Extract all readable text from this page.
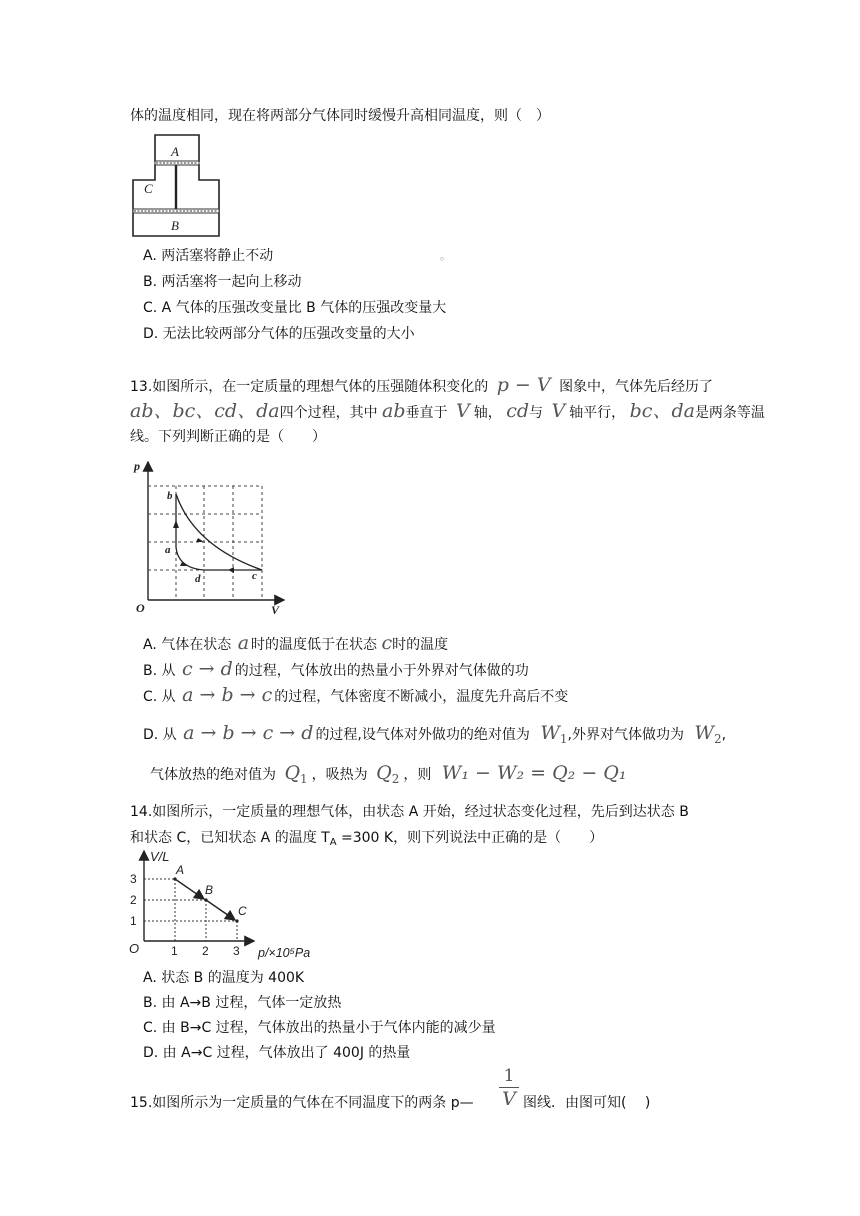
体的温度相同，现在将两部分气体同时缓慢升高相同温度，则（　）
A
C
B
A. 两活塞将静止不动	。
B. 两活塞将一起向上移动
C. A 气体的压强改变量比 B 气体的压强改变量大
D. 无法比较两部分气体的压强改变量的大小
13.如图所示，在一定质量的理想气体的压强随体积变化的 p − V 图象中，气体先后经历了
ab、bc、cd、da四个过程，其中 ab垂直于 V 轴， cd与 V 轴平行， bc、da是两条等温
线。下列判断正确的是（　　）
p
V
O
b
a
d	c
A. 气体在状态 a 时的温度低于在状态 c时的温度
B. 从 c → d 的过程，气体放出的热量小于外界对气体做的功
C. 从 a → b → c 的过程，气体密度不断减小，温度先升高后不变
D. 从 a → b → c → d 的过程,设气体对外做功的绝对值为 $W_1$,外界对气体做功为 $W_2$,
气体放热的绝对值为 $Q_1$ ，吸热为 $Q_2$ ，则 W₁ − W₂ = Q₂ − Q₁
14.如图所示，一定质量的理想气体，由状态 A 开始，经过状态变化过程，先后到达状态 B
和状态 C，已知状态 A 的温度 $T_A =300$ K，则下列说法中正确的是（　　）
V/L
3
2
1
O	1 2 3 p/×10⁵Pa
A
B
C
A. 状态 B 的温度为 400K
B. 由 A→B 过程，气体一定放热
C. 由 B→C 过程，气体放出的热量小于气体内能的减少量
D. 由 A→C 过程，气体放出了 400J 的热量
15.如图所示为一定质量的气体在不同温度下的两条 p—
1
V 图线．由图可知(　 )
